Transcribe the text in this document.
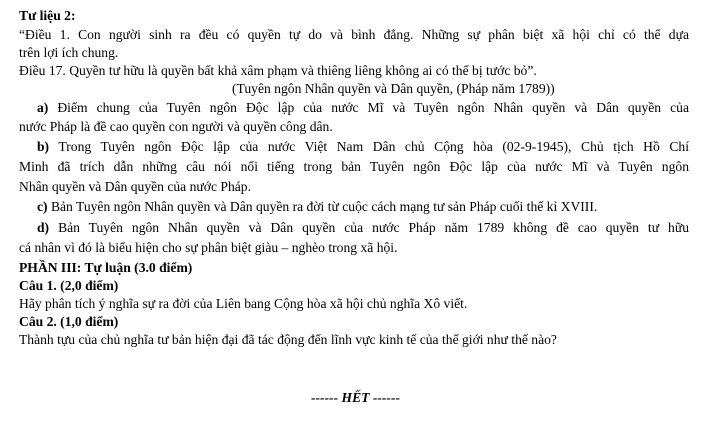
Tư liệu 2:
“Điều 1. Con người sinh ra đều có quyền tự do và bình đẳng. Những sự phân biệt xã hội chỉ có thể dựa
trên lợi ích chung.
Điều 17. Quyền tư hữu là quyền bất khả xâm phạm và thiêng liêng không ai có thể bị tước bỏ”.
(Tuyên ngôn Nhân quyền và Dân quyền, (Pháp năm 1789))
a) Điểm chung của Tuyên ngôn Độc lập của nước Mĩ và Tuyên ngôn Nhân quyền và Dân quyền của
nước Pháp là đề cao quyền con người và quyền công dân.
b) Trong Tuyên ngôn Độc lập của nước Việt Nam Dân chủ Cộng hòa (02-9-1945), Chủ tịch Hồ Chí
Minh đã trích dẫn những câu nói nổi tiếng trong bản Tuyên ngôn Độc lập của nước Mĩ và Tuyên ngôn
Nhân quyền và Dân quyền của nước Pháp.
c) Bản Tuyên ngôn Nhân quyền và Dân quyền ra đời từ cuộc cách mạng tư sản Pháp cuối thế kỉ XVIII.
d) Bản Tuyên ngôn Nhân quyền và Dân quyền của nước Pháp năm 1789 không đề cao quyền tư hữu
cá nhân vì đó là biểu hiện cho sự phân biệt giàu – nghèo trong xã hội.
PHẦN III: Tự luận (3.0 điểm)
Câu 1. (2,0 điểm)
Hãy phân tích ý nghĩa sự ra đời của Liên bang Cộng hòa xã hội chủ nghĩa Xô viết.
Câu 2. (1,0 điểm)
Thành tựu của chủ nghĩa tư bản hiện đại đã tác động đến lĩnh vực kinh tế của thế giới như thế nào?
------ HẾT ------
